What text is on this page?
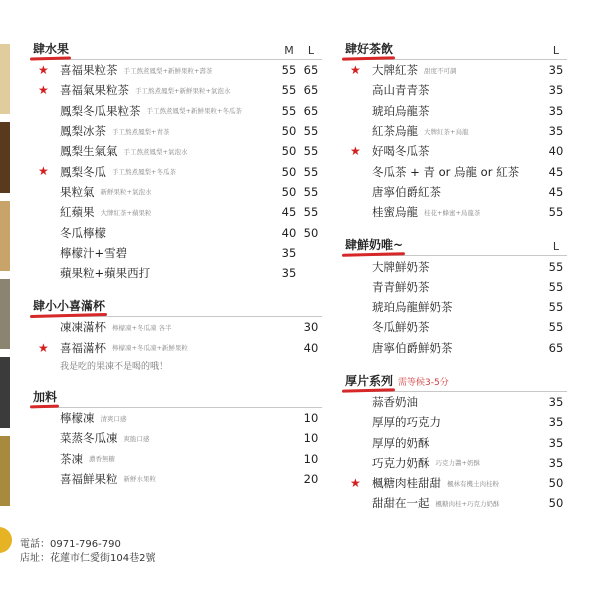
肆水果	M	L
★ 喜福果粒茶 手工熬煮鳳梨+新鮮果粒+壽茶	55 65
★ 喜福氣果粒茶 手工熬煮鳳梨+新鮮果粒+氣泡水	55 65
鳳梨冬瓜果粒茶 手工熬煮鳳梨+新鮮果粒+冬瓜茶	55 65
鳳梨冰茶 手工熬煮鳳梨+青茶	50 55
鳳梨生氣氣 手工熬煮鳳梨+氣泡水	50 55
★ 鳳梨冬瓜 手工熬煮鳳梨+冬瓜茶	50 55
果粒氣 新鮮果粒+氣泡水	50 55
紅蘋果 大牌紅茶+蘋果粒	45 55
冬瓜檸檬	40 50
檸檬汁+雪碧	35
蘋果粒+蘋果西打	35
肆小小喜滿杯
凍凍滿杯 檸檬凍+冬瓜凍 各半	30
★ 喜福滿杯 檸檬凍+冬瓜凍+新鮮果粒	40
我是吃的果凍不是喝的哦！
加料
檸檬凍 清爽口感	10
菜蒸冬瓜凍 爽脆口感	10
茶凍 濃香無糖	10
喜福鮮果粒 新鮮水果粒	20
肆好茶飲	L
★ 大牌紅茶 甜度不可調	35
高山青青茶	35
琥珀烏龍茶	35
紅茶烏龍 大牌紅茶+烏龍	35
★ 好喝冬瓜茶	40
冬瓜茶 + 青 or 烏龍 or 紅茶	45
唐寧伯爵紅茶	45
桂蜜烏龍 桂花+蜂蜜+烏龍茶	55
肆鮮奶唯~	L
大牌鮮奶茶	55
青青鮮奶茶	55
琥珀烏龍鮮奶茶	55
冬瓜鮮奶茶	55
唐寧伯爵鮮奶茶	65
厚片系列 需等候3-5分
蒜香奶油	35
厚厚的巧克力	35
厚厚的奶酥	35
巧克力奶酥 巧克力醬+奶酥	35
★ 楓糖肉桂甜甜 楓林有機土肉桂粉	50
甜甜在一起 楓糖肉桂+巧克力奶酥	50
電話：0971-796-790
店址：花蓮市仁愛街104巷2號
